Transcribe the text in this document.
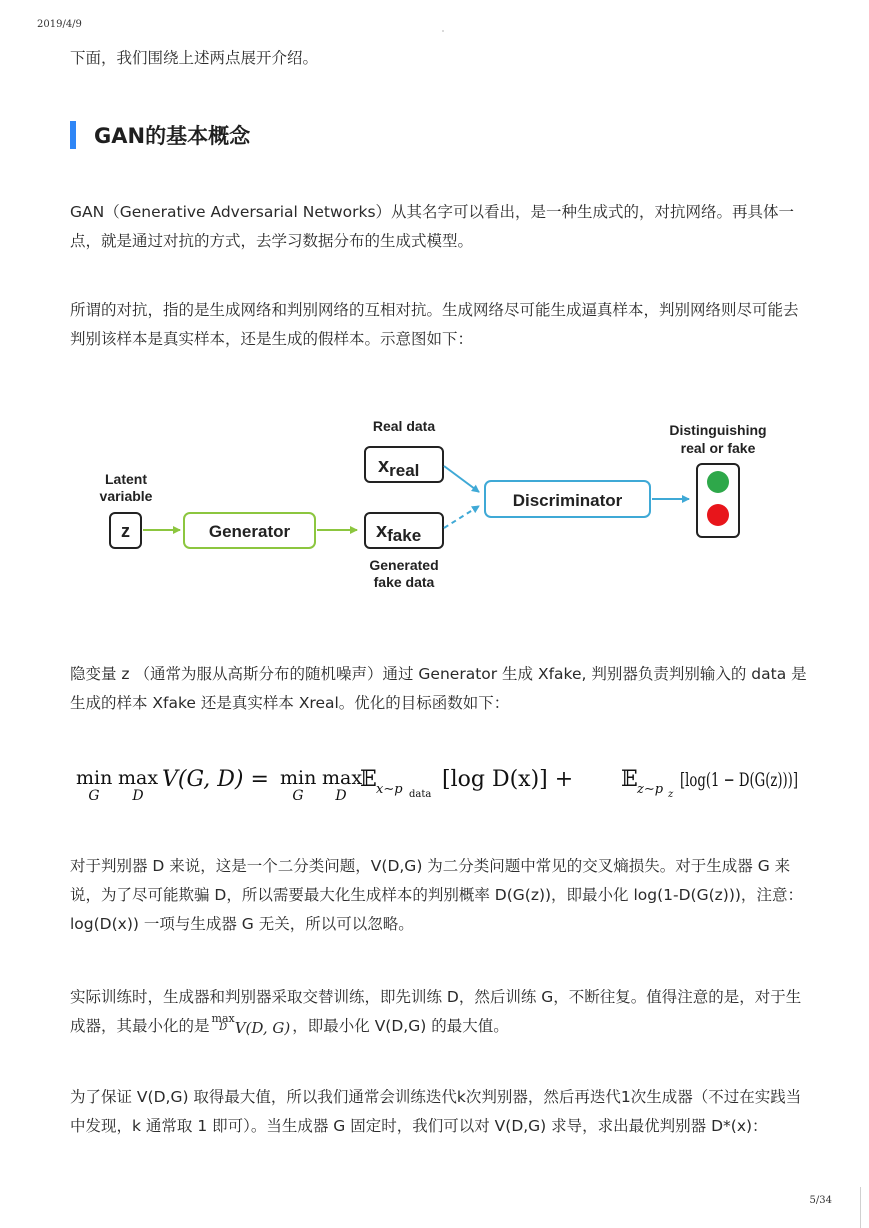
2019/4/9

下面，我们围绕上述两点展开介绍。

GAN的基本概念

GAN（Generative Adversarial Networks）从其名字可以看出，是一种生成式的，对抗网络。再具体一点，就是通过对抗的方式，去学习数据分布的生成式模型。

所谓的对抗，指的是生成网络和判别网络的互相对抗。生成网络尽可能生成逼真样本，判别网络则尽可能去判别该样本是真实样本，还是生成的假样本。示意图如下：

Latent
variable
z	Generator
Real data
$x_{real}$
$x_{fake}$
Generated
fake data
Discriminator
Distinguishing
real or fake

隐变量 z （通常为服从高斯分布的随机噪声）通过 Generator 生成 Xfake, 判别器负责判别输入的 data 是生成的样本 Xfake 还是真实样本 Xreal。优化的目标函数如下：

min
G
max
D
V(G, D) = min
G
max
D
𝔼 x∼p data
[log D(x)] + 𝔼 z∼p z
[log(1 − D(G(z)))]

对于判别器 D 来说，这是一个二分类问题，V(D,G) 为二分类问题中常见的交叉熵损失。对于生成器 G 来说，为了尽可能欺骗 D，所以需要最大化生成样本的判别概率 D(G(z))，即最小化 log(1-D(G(z)))，注意：log(D(x)) 一项与生成器 G 无关，所以可以忽略。

实际训练时，生成器和判别器采取交替训练，即先训练 D，然后训练 G，不断往复。值得注意的是，对于生成器，其最小化的是 max
D V(D, G) ，即最小化 V(D,G) 的最大值。

为了保证 V(D,G) 取得最大值，所以我们通常会训练迭代k次判别器，然后再迭代1次生成器（不过在实践当中发现，k 通常取 1 即可）。当生成器 G 固定时，我们可以对 V(D,G) 求导，求出最优判别器 D*(x)：

5/34
